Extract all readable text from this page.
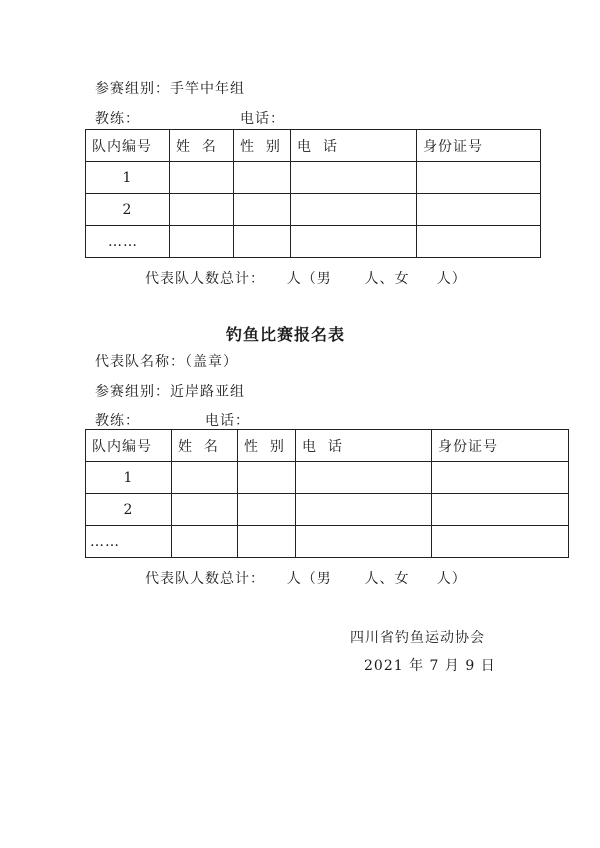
参赛组别：手竿中年组
教练：	电话：
队内编号	姓  名	性  别	电  话	身份证号
1				
2				
……				
代表队人数总计：    人（男      人、女     人）
钓鱼比赛报名表
代表队名称：（盖章）
参赛组别：近岸路亚组
教练：	电话：
队内编号	姓  名	性  别	电  话	身份证号
1				
2				
……				
代表队人数总计：    人（男      人、女     人）
四川省钓鱼运动协会
2021 年 7 月 9 日
